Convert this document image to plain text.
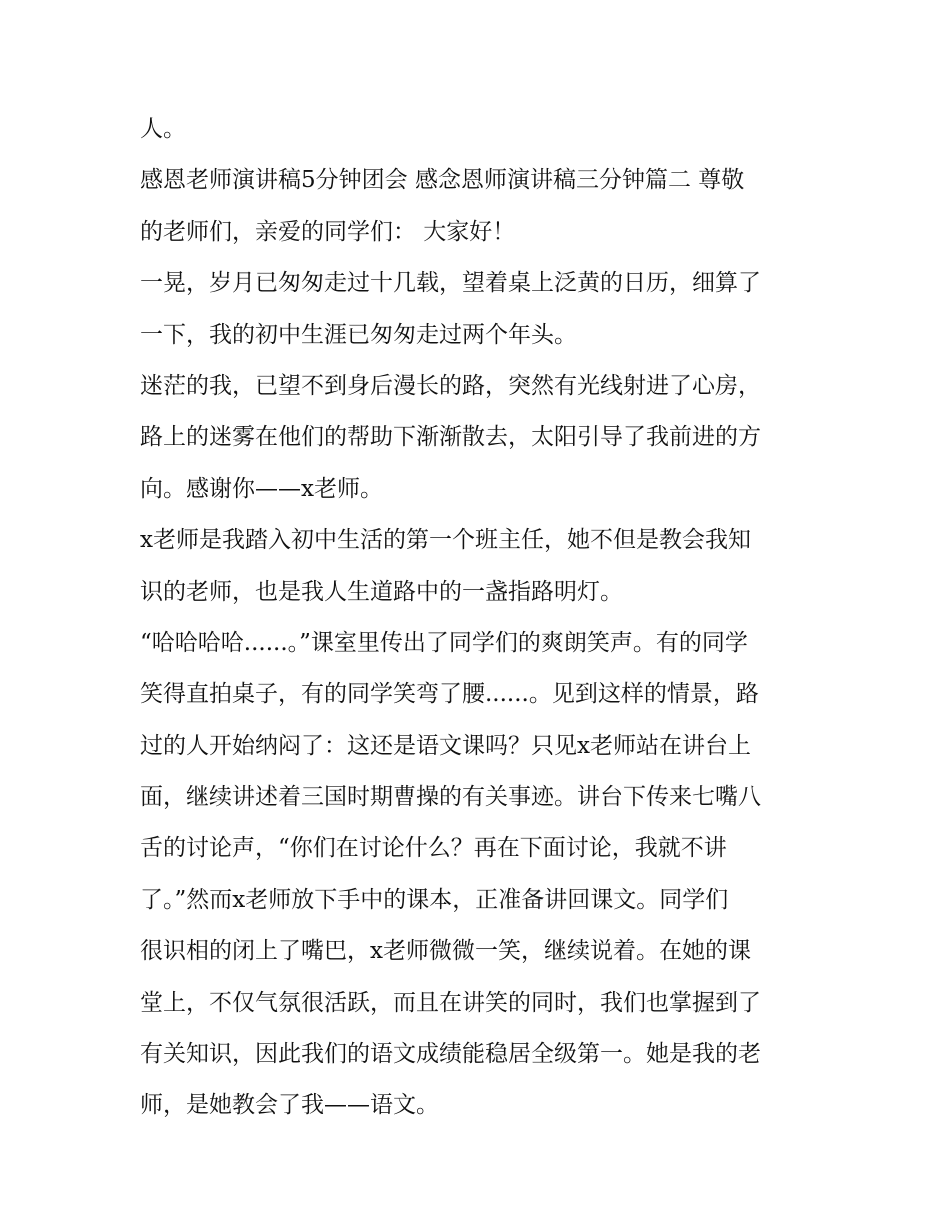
人。
感恩老师演讲稿5分钟团会 感念恩师演讲稿三分钟篇二 尊敬
的老师们，亲爱的同学们： 大家好！
一晃，岁月已匆匆走过十几载，望着桌上泛黄的日历，细算了
一下，我的初中生涯已匆匆走过两个年头。
迷茫的我，已望不到身后漫长的路，突然有光线射进了心房，
路上的迷雾在他们的帮助下渐渐散去，太阳引导了我前进的方
向。感谢你——x老师。
x老师是我踏入初中生活的第一个班主任，她不但是教会我知
识的老师，也是我人生道路中的一盏指路明灯。
“哈哈哈哈......。”课室里传出了同学们的爽朗笑声。有的同学
笑得直拍桌子，有的同学笑弯了腰......。见到这样的情景，路
过的人开始纳闷了：这还是语文课吗？只见x老师站在讲台上
面，继续讲述着三国时期曹操的有关事迹。讲台下传来七嘴八
舌的讨论声，“你们在讨论什么？再在下面讨论，我就不讲
了。”然而x老师放下手中的课本，正准备讲回课文。同学们
很识相的闭上了嘴巴，x老师微微一笑，继续说着。在她的课
堂上，不仅气氛很活跃，而且在讲笑的同时，我们也掌握到了
有关知识，因此我们的语文成绩能稳居全级第一。她是我的老
师，是她教会了我——语文。
